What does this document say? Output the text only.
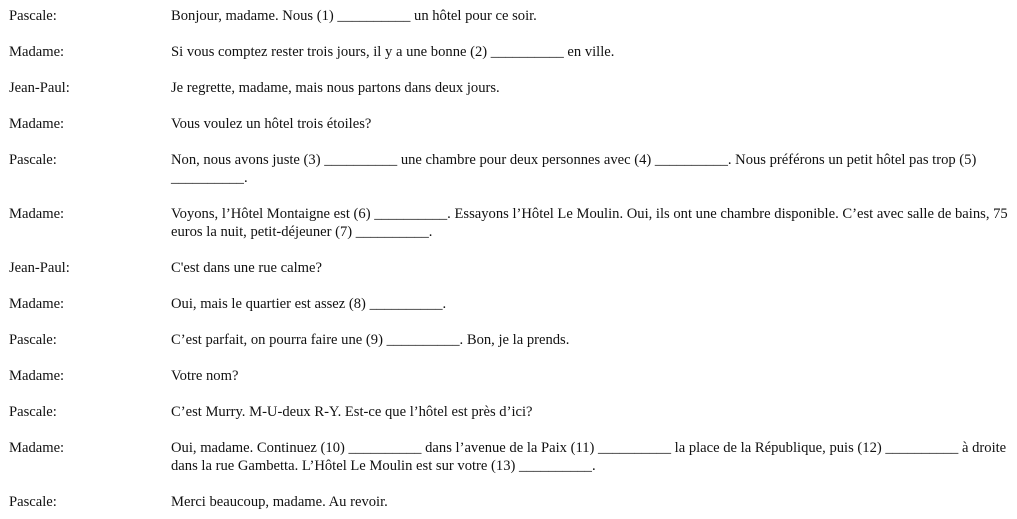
Pascale:	Bonjour, madame. Nous (1) __________ un hôtel pour ce soir.
Madame:	Si vous comptez rester trois jours, il y a une bonne (2) __________ en ville.
Jean-Paul:	Je regrette, madame, mais nous partons dans deux jours.
Madame:	Vous voulez un hôtel trois étoiles?
Pascale:	Non, nous avons juste (3) __________ une chambre pour deux personnes avec (4) __________. Nous préférons un petit hôtel pas trop (5) __________.
Madame:	Voyons, l’Hôtel Montaigne est (6) __________. Essayons l’Hôtel Le Moulin. Oui, ils ont une chambre disponible. C’est avec salle de bains, 75 euros la nuit, petit-déjeuner (7) __________.
Jean-Paul:	C'est dans une rue calme?
Madame:	Oui, mais le quartier est assez (8) __________.
Pascale:	C’est parfait, on pourra faire une (9) __________. Bon, je la prends.
Madame:	Votre nom?
Pascale:	C’est Murry. M-U-deux R-Y. Est-ce que l’hôtel est près d’ici?
Madame:	Oui, madame. Continuez (10) __________ dans l’avenue de la Paix (11) __________ la place de la République, puis (12) __________ à droite dans la rue Gambetta. L’Hôtel Le Moulin est sur votre (13) __________.
Pascale:	Merci beaucoup, madame. Au revoir.
